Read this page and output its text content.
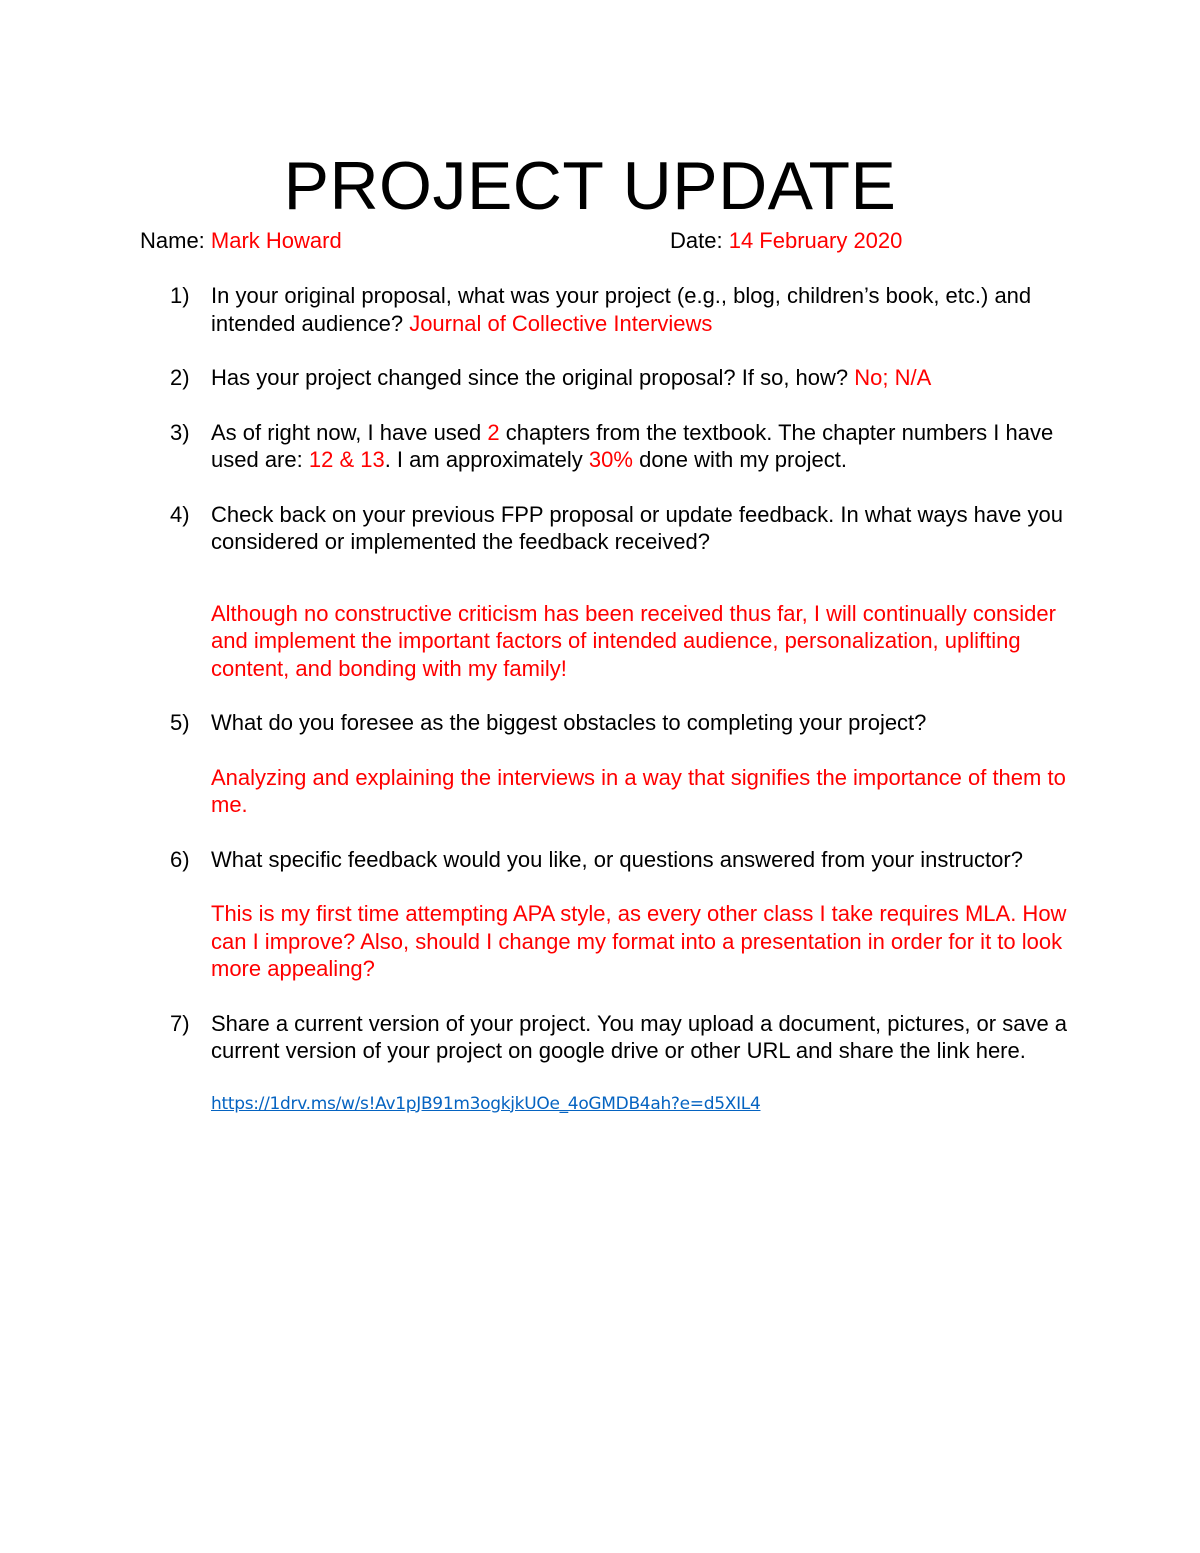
PROJECT UPDATE
Name: Mark Howard	Date: 14 February 2020
1) In your original proposal, what was your project (e.g., blog, children’s book, etc.) and intended audience? Journal of Collective Interviews
2) Has your project changed since the original proposal? If so, how? No; N/A
3) As of right now, I have used 2 chapters from the textbook. The chapter numbers I have used are: 12 & 13. I am approximately 30% done with my project.
4) Check back on your previous FPP proposal or update feedback. In what ways have you considered or implemented the feedback received?
Although no constructive criticism has been received thus far, I will continually consider and implement the important factors of intended audience, personalization, uplifting content, and bonding with my family!
5) What do you foresee as the biggest obstacles to completing your project?
Analyzing and explaining the interviews in a way that signifies the importance of them to me.
6) What specific feedback would you like, or questions answered from your instructor?
This is my first time attempting APA style, as every other class I take requires MLA. How can I improve? Also, should I change my format into a presentation in order for it to look more appealing?
7) Share a current version of your project. You may upload a document, pictures, or save a current version of your project on google drive or other URL and share the link here.
https://1drv.ms/w/s!Av1pJB91m3ogkjkUOe_4oGMDB4ah?e=d5XIL4
